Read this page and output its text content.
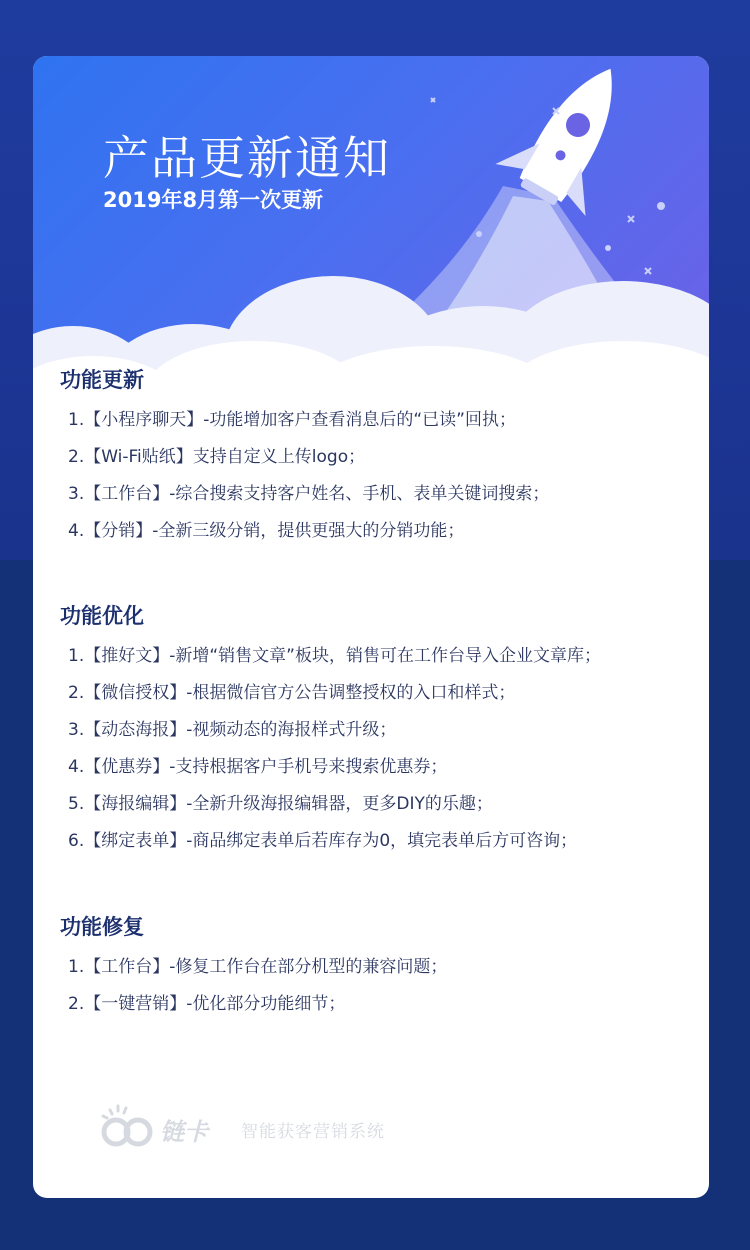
产品更新通知

2019年8月第一次更新

功能更新
1.【小程序聊天】-功能增加客户查看消息后的“已读”回执；
2.【Wi-Fi贴纸】支持自定义上传logo；
3.【工作台】-综合搜索支持客户姓名、手机、表单关键词搜索；
4.【分销】-全新三级分销，提供更强大的分销功能；
功能优化
1.【推好文】-新增“销售文章”板块，销售可在工作台导入企业文章库；
2.【微信授权】-根据微信官方公告调整授权的入口和样式；
3.【动态海报】-视频动态的海报样式升级；
4.【优惠券】-支持根据客户手机号来搜索优惠券；
5.【海报编辑】-全新升级海报编辑器，更多DIY的乐趣；
6.【绑定表单】-商品绑定表单后若库存为0，填完表单后方可咨询；
功能修复
1.【工作台】-修复工作台在部分机型的兼容问题；
2.【一键营销】-优化部分功能细节；
链卡 智能获客营销系统
